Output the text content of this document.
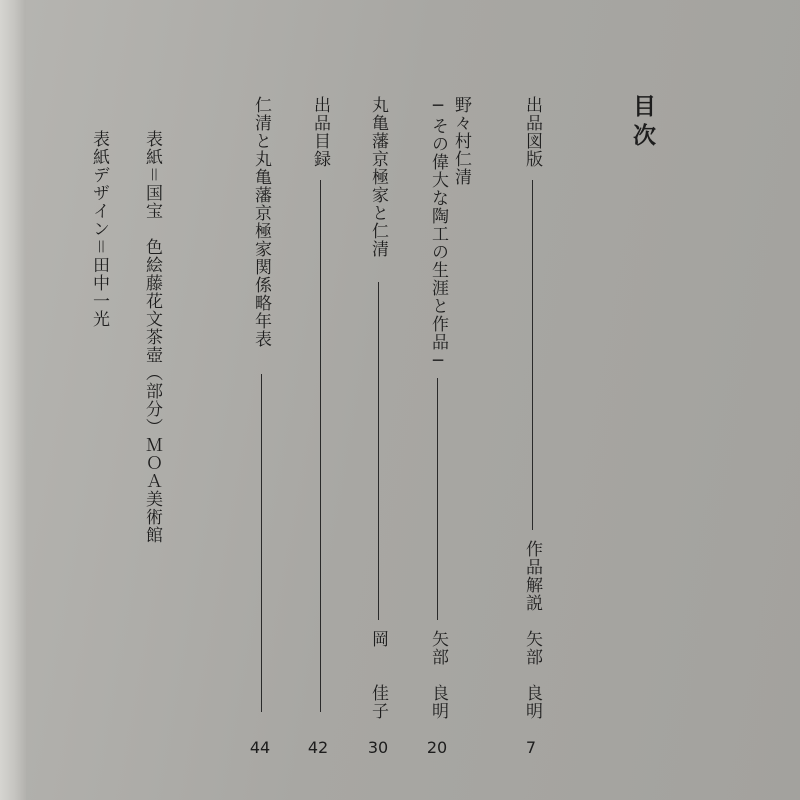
目次
出品図版
作品解説　矢部　良明
7
野々村仁清
─その偉大な陶工の生涯と作品─
矢部　良明
20
丸亀藩京極家と仁清
岡　　佳子
30
出品目録
42
仁清と丸亀藩京極家関係略年表
44
表紙＝国宝　色絵藤花文茶壺（部分）ＭＯＡ美術館
表紙デザイン＝田中一光
